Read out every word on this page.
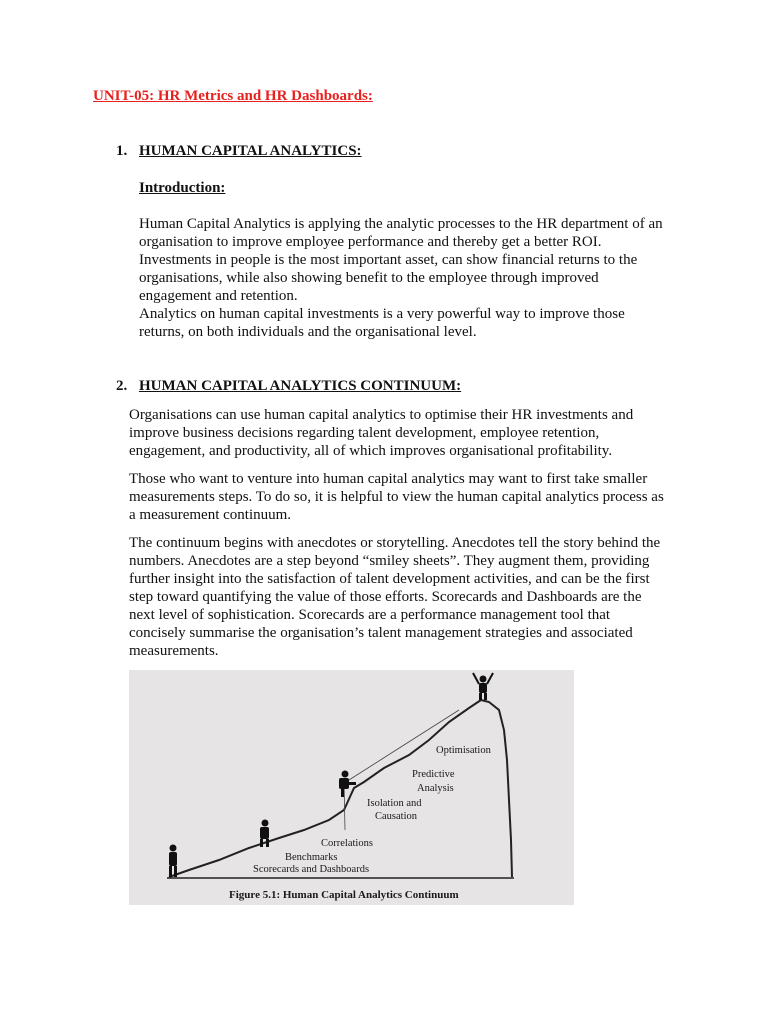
UNIT-05: HR Metrics and HR Dashboards:
1. HUMAN CAPITAL ANALYTICS:
Introduction:
Human Capital Analytics is applying the analytic processes to the HR department of an organisation to improve employee performance and thereby get a better ROI. Investments in people is the most important asset, can show financial returns to the organisations, while also showing benefit to the employee through improved engagement and retention.
Analytics on human capital investments is a very powerful way to improve those returns, on both individuals and the organisational level.
2. HUMAN CAPITAL ANALYTICS CONTINUUM:
Organisations can use human capital analytics to optimise their HR investments and improve business decisions regarding talent development, employee retention, engagement, and productivity, all of which improves organisational profitability.
Those who want to venture into human capital analytics may want to first take smaller measurements steps. To do so, it is helpful to view the human capital analytics process as a measurement continuum.
The continuum begins with anecdotes or storytelling. Anecdotes tell the story behind the numbers. Anecdotes are a step beyond “smiley sheets”. They augment them, providing further insight into the satisfaction of talent development activities, and can be the first step toward quantifying the value of those efforts. Scorecards and Dashboards are the next level of sophistication. Scorecards are a performance management tool that concisely summarise the organisation’s talent management strategies and associated measurements.
Optimisation
Predictive
Analysis
Isolation and
Causation
Correlations
Benchmarks
Scorecards and Dashboards
Figure 5.1: Human Capital Analytics Continuum
